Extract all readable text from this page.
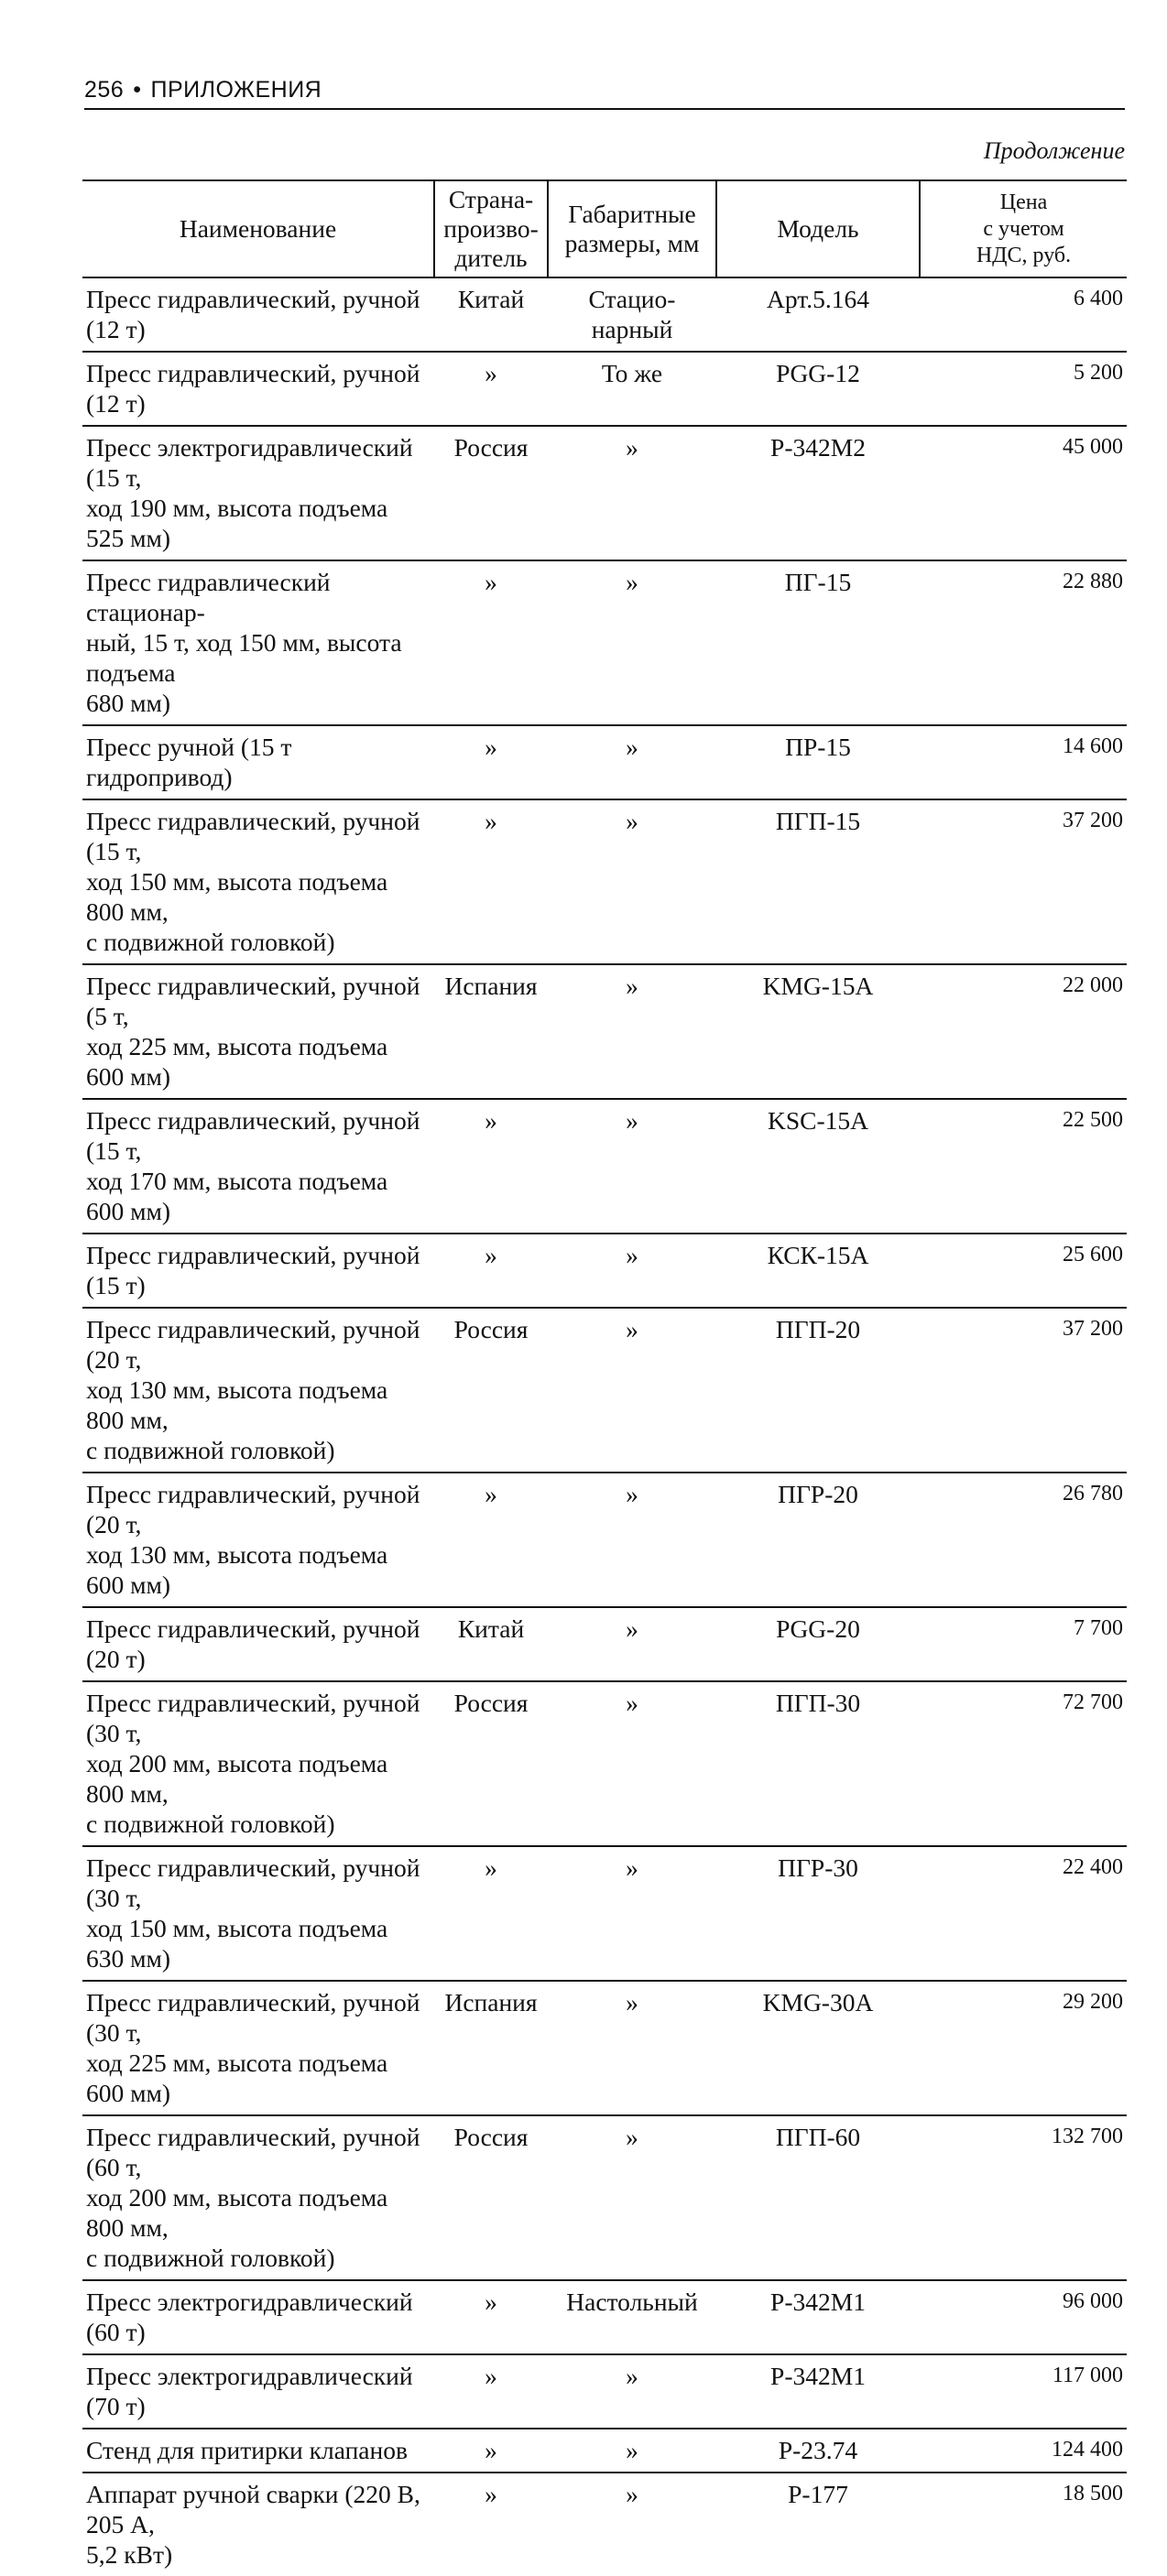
256 • ПРИЛОЖЕНИЯ
Продолжение
Наименование	Страна-
произво-
дитель	Габаритные
размеры, мм	Модель	Цена
с учетом
НДС, руб.
Пресс гидравлический, ручной (12 т)	Китай	Стацио-
нарный	Арт.5.164	6 400
Пресс гидравлический, ручной (12 т)	»	То же	PGG-12	5 200
Пресс электрогидравлический (15 т,
ход 190 мм, высота подъема 525 мм)	Россия	»	Р-342М2	45 000
Пресс гидравлический стационар-
ный, 15 т, ход 150 мм, высота подъема
680 мм)	»	»	ПГ-15	22 880
Пресс ручной (15 т гидропривод)	»	»	ПР-15	14 600
Пресс гидравлический, ручной (15 т,
ход 150 мм, высота подъема 800 мм,
с подвижной головкой)	»	»	ПГП-15	37 200
Пресс гидравлический, ручной (5 т,
ход 225 мм, высота подъема 600 мм)	Испания	»	KMG-15A	22 000
Пресс гидравлический, ручной (15 т,
ход 170 мм, высота подъема 600 мм)	»	»	KSC-15A	22 500
Пресс гидравлический, ручной (15 т)	»	»	КСК-15А	25 600
Пресс гидравлический, ручной (20 т,
ход 130 мм, высота подъема 800 мм,
с подвижной головкой)	Россия	»	ПГП-20	37 200
Пресс гидравлический, ручной (20 т,
ход 130 мм, высота подъема 600 мм)	»	»	ПГР-20	26 780
Пресс гидравлический, ручной (20 т)	Китай	»	PGG-20	7 700
Пресс гидравлический, ручной (30 т,
ход 200 мм, высота подъема 800 мм,
с подвижной головкой)	Россия	»	ПГП-30	72 700
Пресс гидравлический, ручной (30 т,
ход 150 мм, высота подъема 630 мм)	»	»	ПГР-30	22 400
Пресс гидравлический, ручной (30 т,
ход 225 мм, высота подъема 600 мм)	Испания	»	KMG-30A	29 200
Пресс гидравлический, ручной (60 т,
ход 200 мм, высота подъема 800 мм,
с подвижной головкой)	Россия	»	ПГП-60	132 700
Пресс электрогидравлический (60 т)	»	Настольный	Р-342М1	96 000
Пресс электрогидравлический (70 т)	»	»	Р-342М1	117 000
Стенд для притирки клапанов	»	»	Р-23.74	124 400
Аппарат ручной сварки (220 В, 205 А,
5,2 кВт)	»	»	Р-177	18 500
